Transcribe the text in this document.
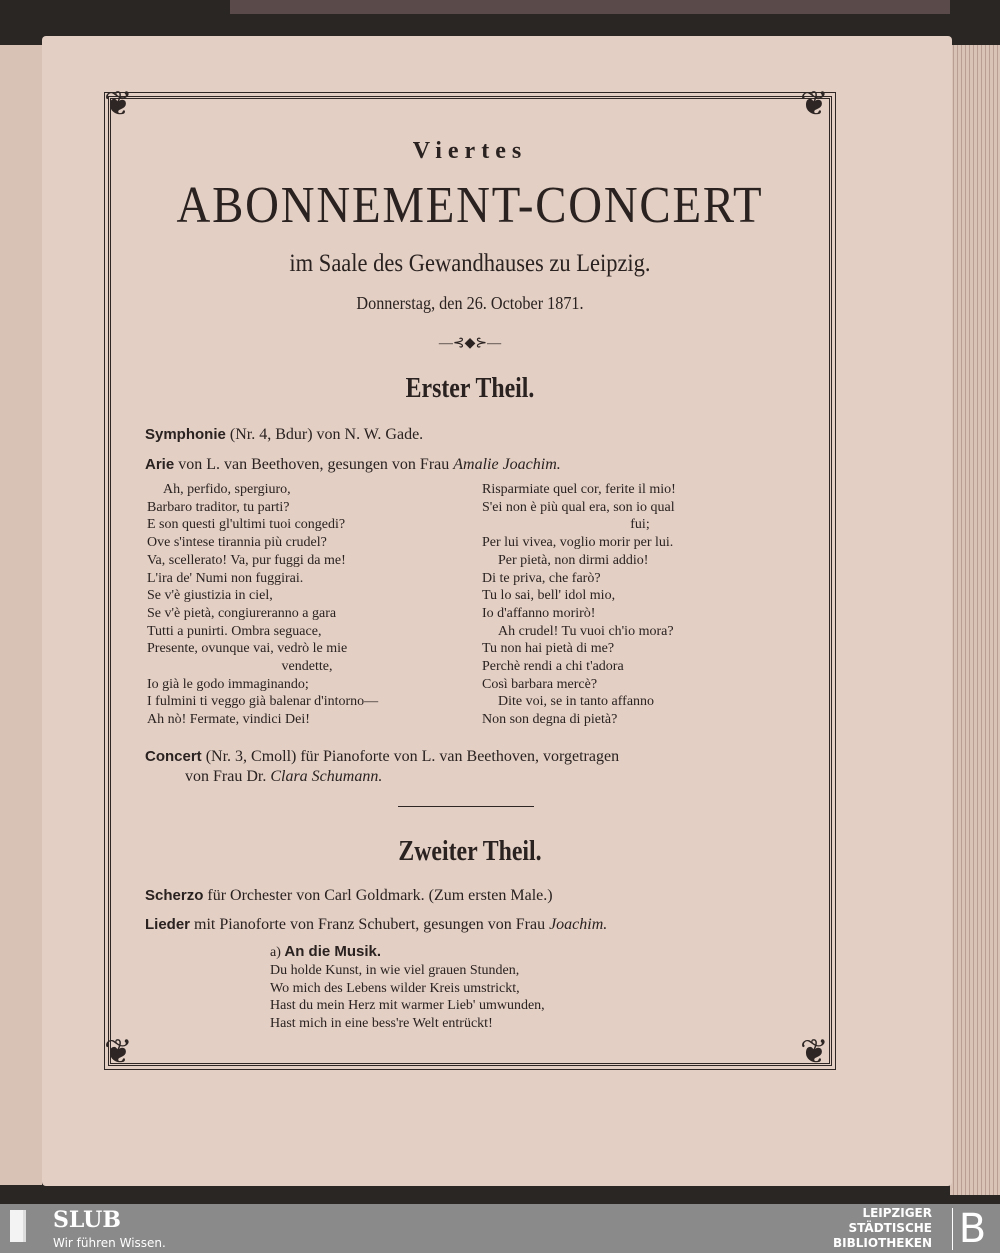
❦	❦
❦	❦
Viertes
ABONNEMENT-CONCERT
im Saale des Gewandhauses zu Leipzig.
Donnerstag, den 26. October 1871.
—⊰◆⊱—
Erster Theil.
Symphonie (Nr. 4, Bdur) von N. W. Gade.
Arie von L. van Beethoven, gesungen von Frau Amalie Joachim.
Ah, perfido, spergiuro,
Barbaro traditor, tu parti?
E son questi gl'ultimi tuoi congedi?
Ove s'intese tirannia più crudel?
Va, scellerato! Va, pur fuggi da me!
L'ira de' Numi non fuggirai.
Se v'è giustizia in ciel,
Se v'è pietà, congiureranno a gara
Tutti a punirti. Ombra seguace,
Presente, ovunque vai, vedrò le mie
vendette,
Io già le godo immaginando;
I fulmini ti veggo già balenar d'intorno—
Ah nò! Fermate, vindici Dei!
Risparmiate quel cor, ferite il mio!
S'ei non è più qual era, son io qual
fui;
Per lui vivea, voglio morir per lui.
Per pietà, non dirmi addio!
Di te priva, che farò?
Tu lo sai, bell' idol mio,
Io d'affanno morirò!
Ah crudel! Tu vuoi ch'io mora?
Tu non hai pietà di me?
Perchè rendi a chi t'adora
Così barbara mercè?
Dite voi, se in tanto affanno
Non son degna di pietà?
Concert (Nr. 3, Cmoll) für Pianoforte von L. van Beethoven, vorgetragen
von Frau Dr. Clara Schumann.
Zweiter Theil.
Scherzo für Orchester von Carl Goldmark. (Zum ersten Male.)
Lieder mit Pianoforte von Franz Schubert, gesungen von Frau Joachim.
a) An die Musik.
Du holde Kunst, in wie viel grauen Stunden,
Wo mich des Lebens wilder Kreis umstrickt,
Hast du mein Herz mit warmer Lieb' umwunden,
Hast mich in eine bess're Welt entrückt!
SLUB
Wir führen Wissen.
LEIPZIGER
STÄDTISCHE
BIBLIOTHEKEN B
